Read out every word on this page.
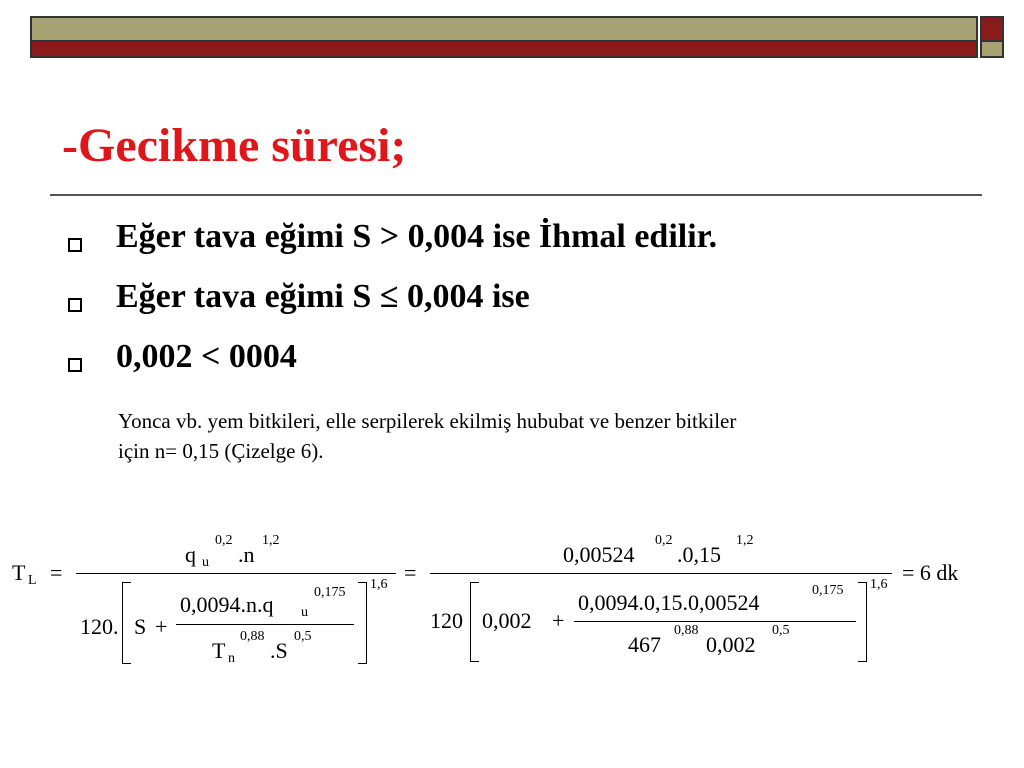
-Gecikme süresi;
Eğer tava eğimi S > 0,004 ise İhmal edilir.
Eğer tava eğimi S ≤ 0,004 ise
0,002 < 0004
Yonca vb. yem bitkileri, elle serpilerek ekilmiş hububat ve benzer bitkiler
için n= 0,15 (Çizelge 6).
T L =
q u
0,2
.n
1,2
120. S +
0,0094.n.q u
0,175
T n
0,88
.S
0,5
1,6 =
0,00524
0,2
.0,15
1,2
120 0,002 +
0,0094.0,15.0,00524	0,175
467
0,88
0,002
0,5
1,6 = 6 dk
